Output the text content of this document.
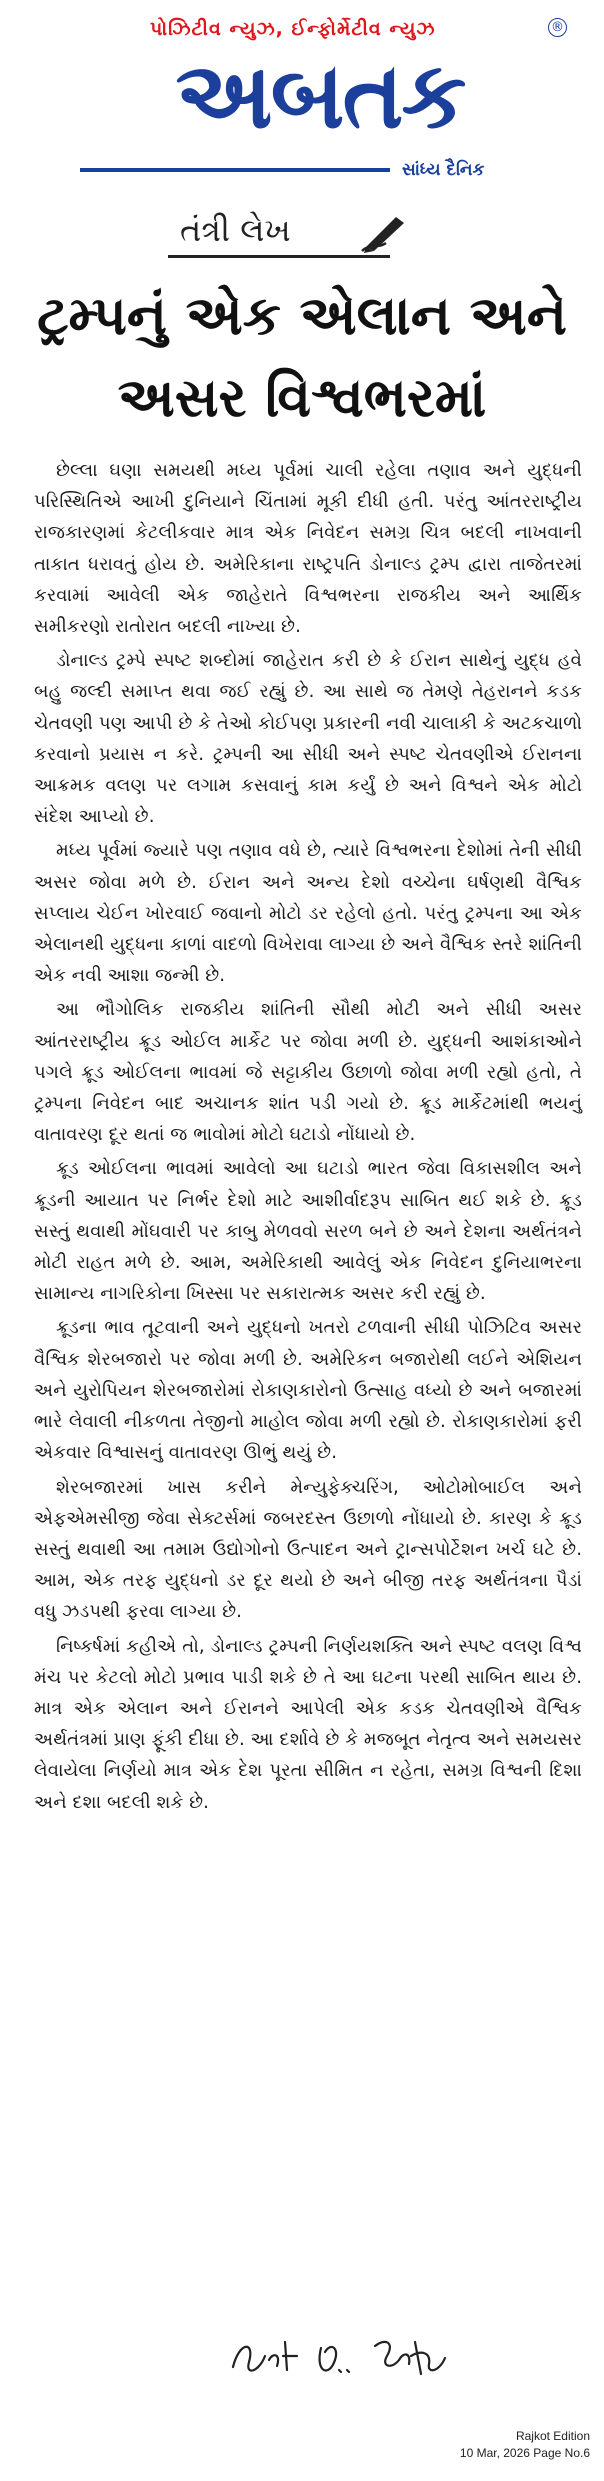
પોઝિટીવ ન્યુઝ, ઈન્ફોર્મેટીવ ન્યુઝ	®
અબતક
સાંધ્ય દૈનિક
તંત્રી લેખ
ટ્રમ્પનું એક એલાન અને
અસર વિશ્વભરમાં

છેલ્લા ઘણા સમયથી મધ્ય પૂર્વમાં ચાલી રહેલા તણાવ અને યુદ્ધની પરિસ્થિતિએ આખી દુનિયાને ચિંતામાં મૂકી દીધી હતી. પરંતુ આંતરરાષ્ટ્રીય રાજકારણમાં કેટલીકવાર માત્ર એક નિવેદન સમગ્ર ચિત્ર બદલી નાખવાની તાકાત ધરાવતું હોય છે. અમેરિકાના રાષ્ટ્રપતિ ડોનાલ્ડ ટ્રમ્પ દ્વારા તાજેતરમાં કરવામાં આવેલી એક જાહેરાતે વિશ્વભરના રાજકીય અને આર્થિક સમીકરણો રાતોરાત બદલી નાખ્યા છે.

ડોનાલ્ડ ટ્રમ્પે સ્પષ્ટ શબ્દોમાં જાહેરાત કરી છે કે ઈરાન સાથેનું યુદ્ધ હવે બહુ જલ્દી સમાપ્ત થવા જઈ રહ્યું છે. આ સાથે જ તેમણે તેહરાનને કડક ચેતવણી પણ આપી છે કે તેઓ કોઈપણ પ્રકારની નવી ચાલાકી કે અટકચાળો કરવાનો પ્રયાસ ન કરે. ટ્રમ્પની આ સીધી અને સ્પષ્ટ ચેતવણીએ ઈરાનના આક્રમક વલણ પર લગામ કસવાનું કામ કર્યું છે અને વિશ્વને એક મોટો સંદેશ આપ્યો છે.

મધ્ય પૂર્વમાં જ્યારે પણ તણાવ વધે છે, ત્યારે વિશ્વભરના દેશોમાં તેની સીધી અસર જોવા મળે છે. ઈરાન અને અન્ય દેશો વચ્ચેના ઘર્ષણથી વૈશ્વિક સપ્લાય ચેઈન ખોરવાઈ જવાનો મોટો ડર રહેલો હતો. પરંતુ ટ્રમ્પના આ એક એલાનથી યુદ્ધના કાળાં વાદળો વિખેરાવા લાગ્યા છે અને વૈશ્વિક સ્તરે શાંતિની એક નવી આશા જન્મી છે.

આ ભૌગોલિક રાજકીય શાંતિની સૌથી મોટી અને સીધી અસર આંતરરાષ્ટ્રીય ક્રૂડ ઓઈલ માર્કેટ પર જોવા મળી છે. યુદ્ધની આશંકાઓને પગલે ક્રૂડ ઓઈલના ભાવમાં જે સટ્ટાકીય ઉછાળો જોવા મળી રહ્યો હતો, તે ટ્રમ્પના નિવેદન બાદ અચાનક શાંત પડી ગયો છે. ક્રૂડ માર્કેટમાંથી ભયનું વાતાવરણ દૂર થતાં જ ભાવોમાં મોટો ઘટાડો નોંધાયો છે.

ક્રૂડ ઓઈલના ભાવમાં આવેલો આ ઘટાડો ભારત જેવા વિકાસશીલ અને ક્રૂડની આયાત પર નિર્ભર દેશો માટે આશીર્વાદરૂપ સાબિત થઈ શકે છે. ક્રૂડ સસ્તું થવાથી મોંઘવારી પર કાબુ મેળવવો સરળ બને છે અને દેશના અર્થતંત્રને મોટી રાહત મળે છે. આમ, અમેરિકાથી આવેલું એક નિવેદન દુનિયાભરના સામાન્ય નાગરિકોના ખિસ્સા પર સકારાત્મક અસર કરી રહ્યું છે.

ક્રૂડના ભાવ તૂટવાની અને યુદ્ધનો ખતરો ટળવાની સીધી પોઝિટિવ અસર વૈશ્વિક શેરબજારો પર જોવા મળી છે. અમેરિકન બજારોથી લઈને એશિયન અને યુરોપિયન શેરબજારોમાં રોકાણકારોનો ઉત્સાહ વધ્યો છે અને બજારમાં ભારે લેવાલી નીકળતા તેજીનો માહોલ જોવા મળી રહ્યો છે. રોકાણકારોમાં ફરી એકવાર વિશ્વાસનું વાતાવરણ ઊભું થયું છે.

શેરબજારમાં ખાસ કરીને મેન્યુફેક્ચરિંગ, ઓટોમોબાઈલ અને એફએમસીજી જેવા સેક્ટર્સમાં જબરદસ્ત ઉછાળો નોંધાયો છે. કારણ કે ક્રૂડ સસ્તું થવાથી આ તમામ ઉદ્યોગોનો ઉત્પાદન અને ટ્રાન્સપોર્ટેશન ખર્ચ ઘટે છે. આમ, એક તરફ યુદ્ધનો ડર દૂર થયો છે અને બીજી તરફ અર્થતંત્રના પૈડાં વધુ ઝડપથી ફરવા લાગ્યા છે.

નિષ્કર્ષમાં કહીએ તો, ડોનાલ્ડ ટ્રમ્પની નિર્ણયશક્તિ અને સ્પષ્ટ વલણ વિશ્વ મંચ પર કેટલો મોટો પ્રભાવ પાડી શકે છે તે આ ઘટના પરથી સાબિત થાય છે. માત્ર એક એલાન અને ઈરાનને આપેલી એક કડક ચેતવણીએ વૈશ્વિક અર્થતંત્રમાં પ્રાણ ફૂંકી દીધા છે. આ દર્શાવે છે કે મજબૂત નેતૃત્વ અને સમયસર લેવાયેલા નિર્ણયો માત્ર એક દેશ પૂરતા સીમિત ન રહેતા, સમગ્ર વિશ્વની દિશા અને દશા બદલી શકે છે.

Rajkot Edition
10 Mar, 2026 Page No.6
